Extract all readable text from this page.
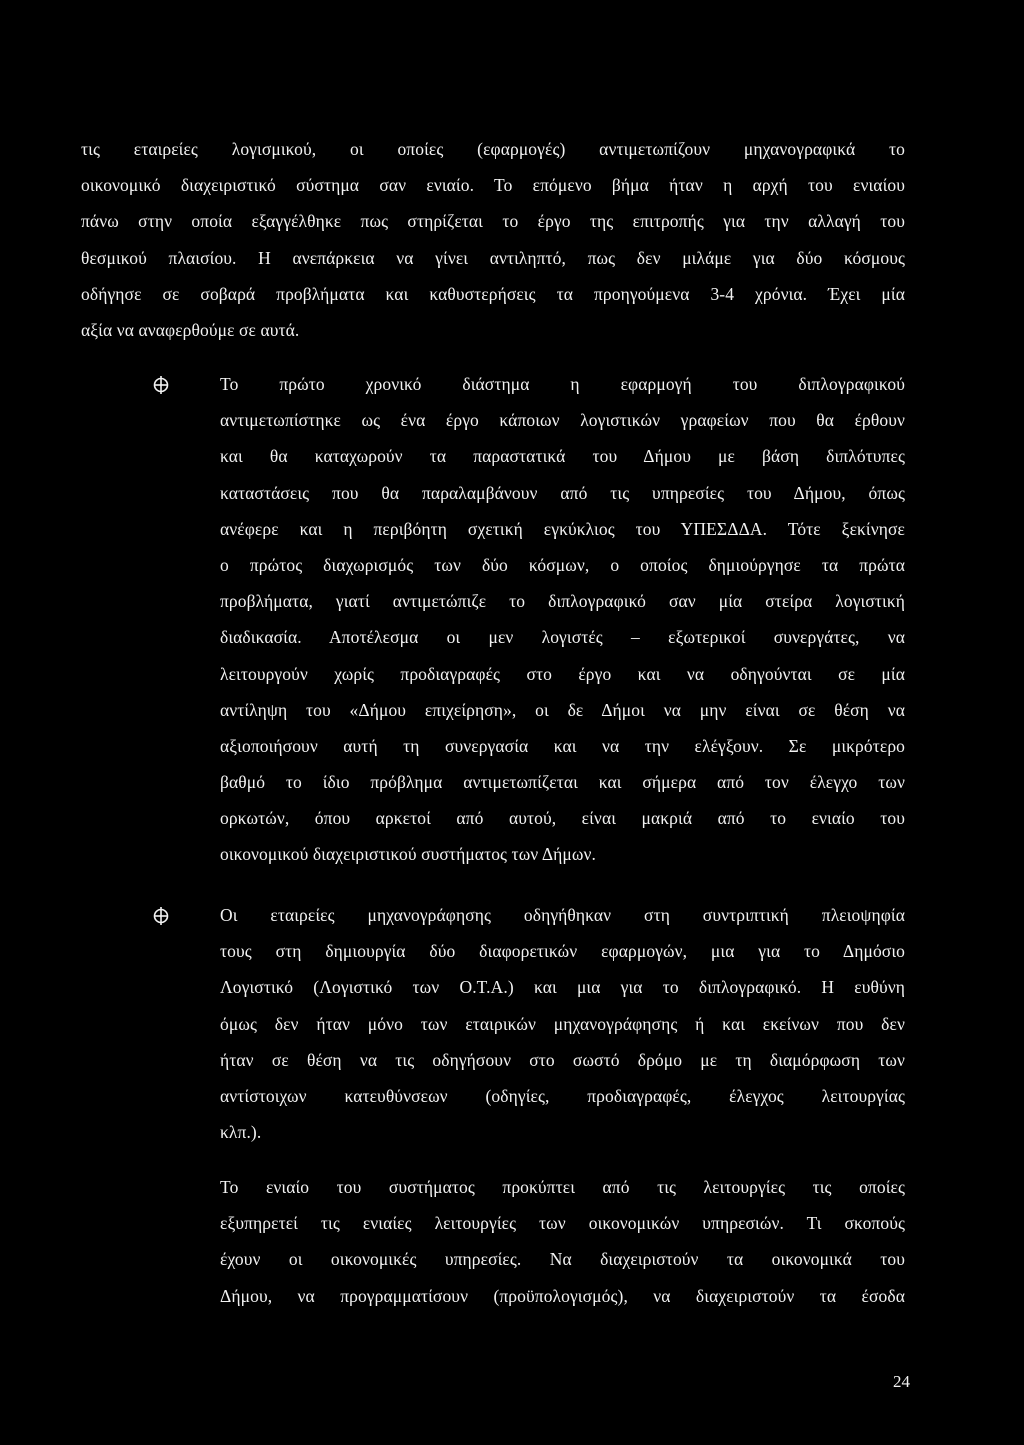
τις εταιρείες λογισμικού, οι οποίες (εφαρμογές) αντιμετωπίζουν μηχανογραφικά το
οικονομικό διαχειριστικό σύστημα σαν ενιαίο. Το επόμενο βήμα ήταν η αρχή του ενιαίου
πάνω στην οποία εξαγγέλθηκε πως στηρίζεται το έργο της επιτροπής για την αλλαγή του
θεσμικού πλαισίου. Η ανεπάρκεια να γίνει αντιληπτό, πως δεν μιλάμε για δύο κόσμους
οδήγησε σε σοβαρά προβλήματα και καθυστερήσεις τα προηγούμενα 3-4 χρόνια. Έχει μία
αξία να αναφερθούμε σε αυτά.
Το πρώτο χρονικό διάστημα η εφαρμογή του διπλογραφικού
αντιμετωπίστηκε ως ένα έργο κάποιων λογιστικών γραφείων που θα έρθουν
και θα καταχωρούν τα παραστατικά του Δήμου με βάση διπλότυπες
καταστάσεις που θα παραλαμβάνουν από τις υπηρεσίες του Δήμου, όπως
ανέφερε και η περιβόητη σχετική εγκύκλιος του ΥΠΕΣΔΔΑ. Τότε ξεκίνησε
ο πρώτος διαχωρισμός των δύο κόσμων, ο οποίος δημιούργησε τα πρώτα
προβλήματα, γιατί αντιμετώπιζε το διπλογραφικό σαν μία στείρα λογιστική
διαδικασία. Αποτέλεσμα οι μεν λογιστές – εξωτερικοί συνεργάτες, να
λειτουργούν χωρίς προδιαγραφές στο έργο και να οδηγούνται σε μία
αντίληψη του «Δήμου επιχείρηση», οι δε Δήμοι να μην είναι σε θέση να
αξιοποιήσουν αυτή τη συνεργασία και να την ελέγξουν. Σε μικρότερο
βαθμό το ίδιο πρόβλημα αντιμετωπίζεται και σήμερα από τον έλεγχο των
ορκωτών, όπου αρκετοί από αυτού, είναι μακριά από το ενιαίο του
οικονομικού διαχειριστικού συστήματος των Δήμων.
Οι εταιρείες μηχανογράφησης οδηγήθηκαν στη συντριπτική πλειοψηφία
τους στη δημιουργία δύο διαφορετικών εφαρμογών, μια για το Δημόσιο
Λογιστικό (Λογιστικό των Ο.Τ.Α.) και μια για το διπλογραφικό. Η ευθύνη
όμως δεν ήταν μόνο των εταιρικών μηχανογράφησης ή και εκείνων που δεν
ήταν σε θέση να τις οδηγήσουν στο σωστό δρόμο με τη διαμόρφωση των
αντίστοιχων κατευθύνσεων (οδηγίες, προδιαγραφές, έλεγχος λειτουργίας
κλπ.).
Το ενιαίο του συστήματος προκύπτει από τις λειτουργίες τις οποίες
εξυπηρετεί τις ενιαίες λειτουργίες των οικονομικών υπηρεσιών. Τι σκοπούς
έχουν οι οικονομικές υπηρεσίες. Να διαχειριστούν τα οικονομικά του
Δήμου, να προγραμματίσουν (προϋπολογισμός), να διαχειριστούν τα έσοδα
24
